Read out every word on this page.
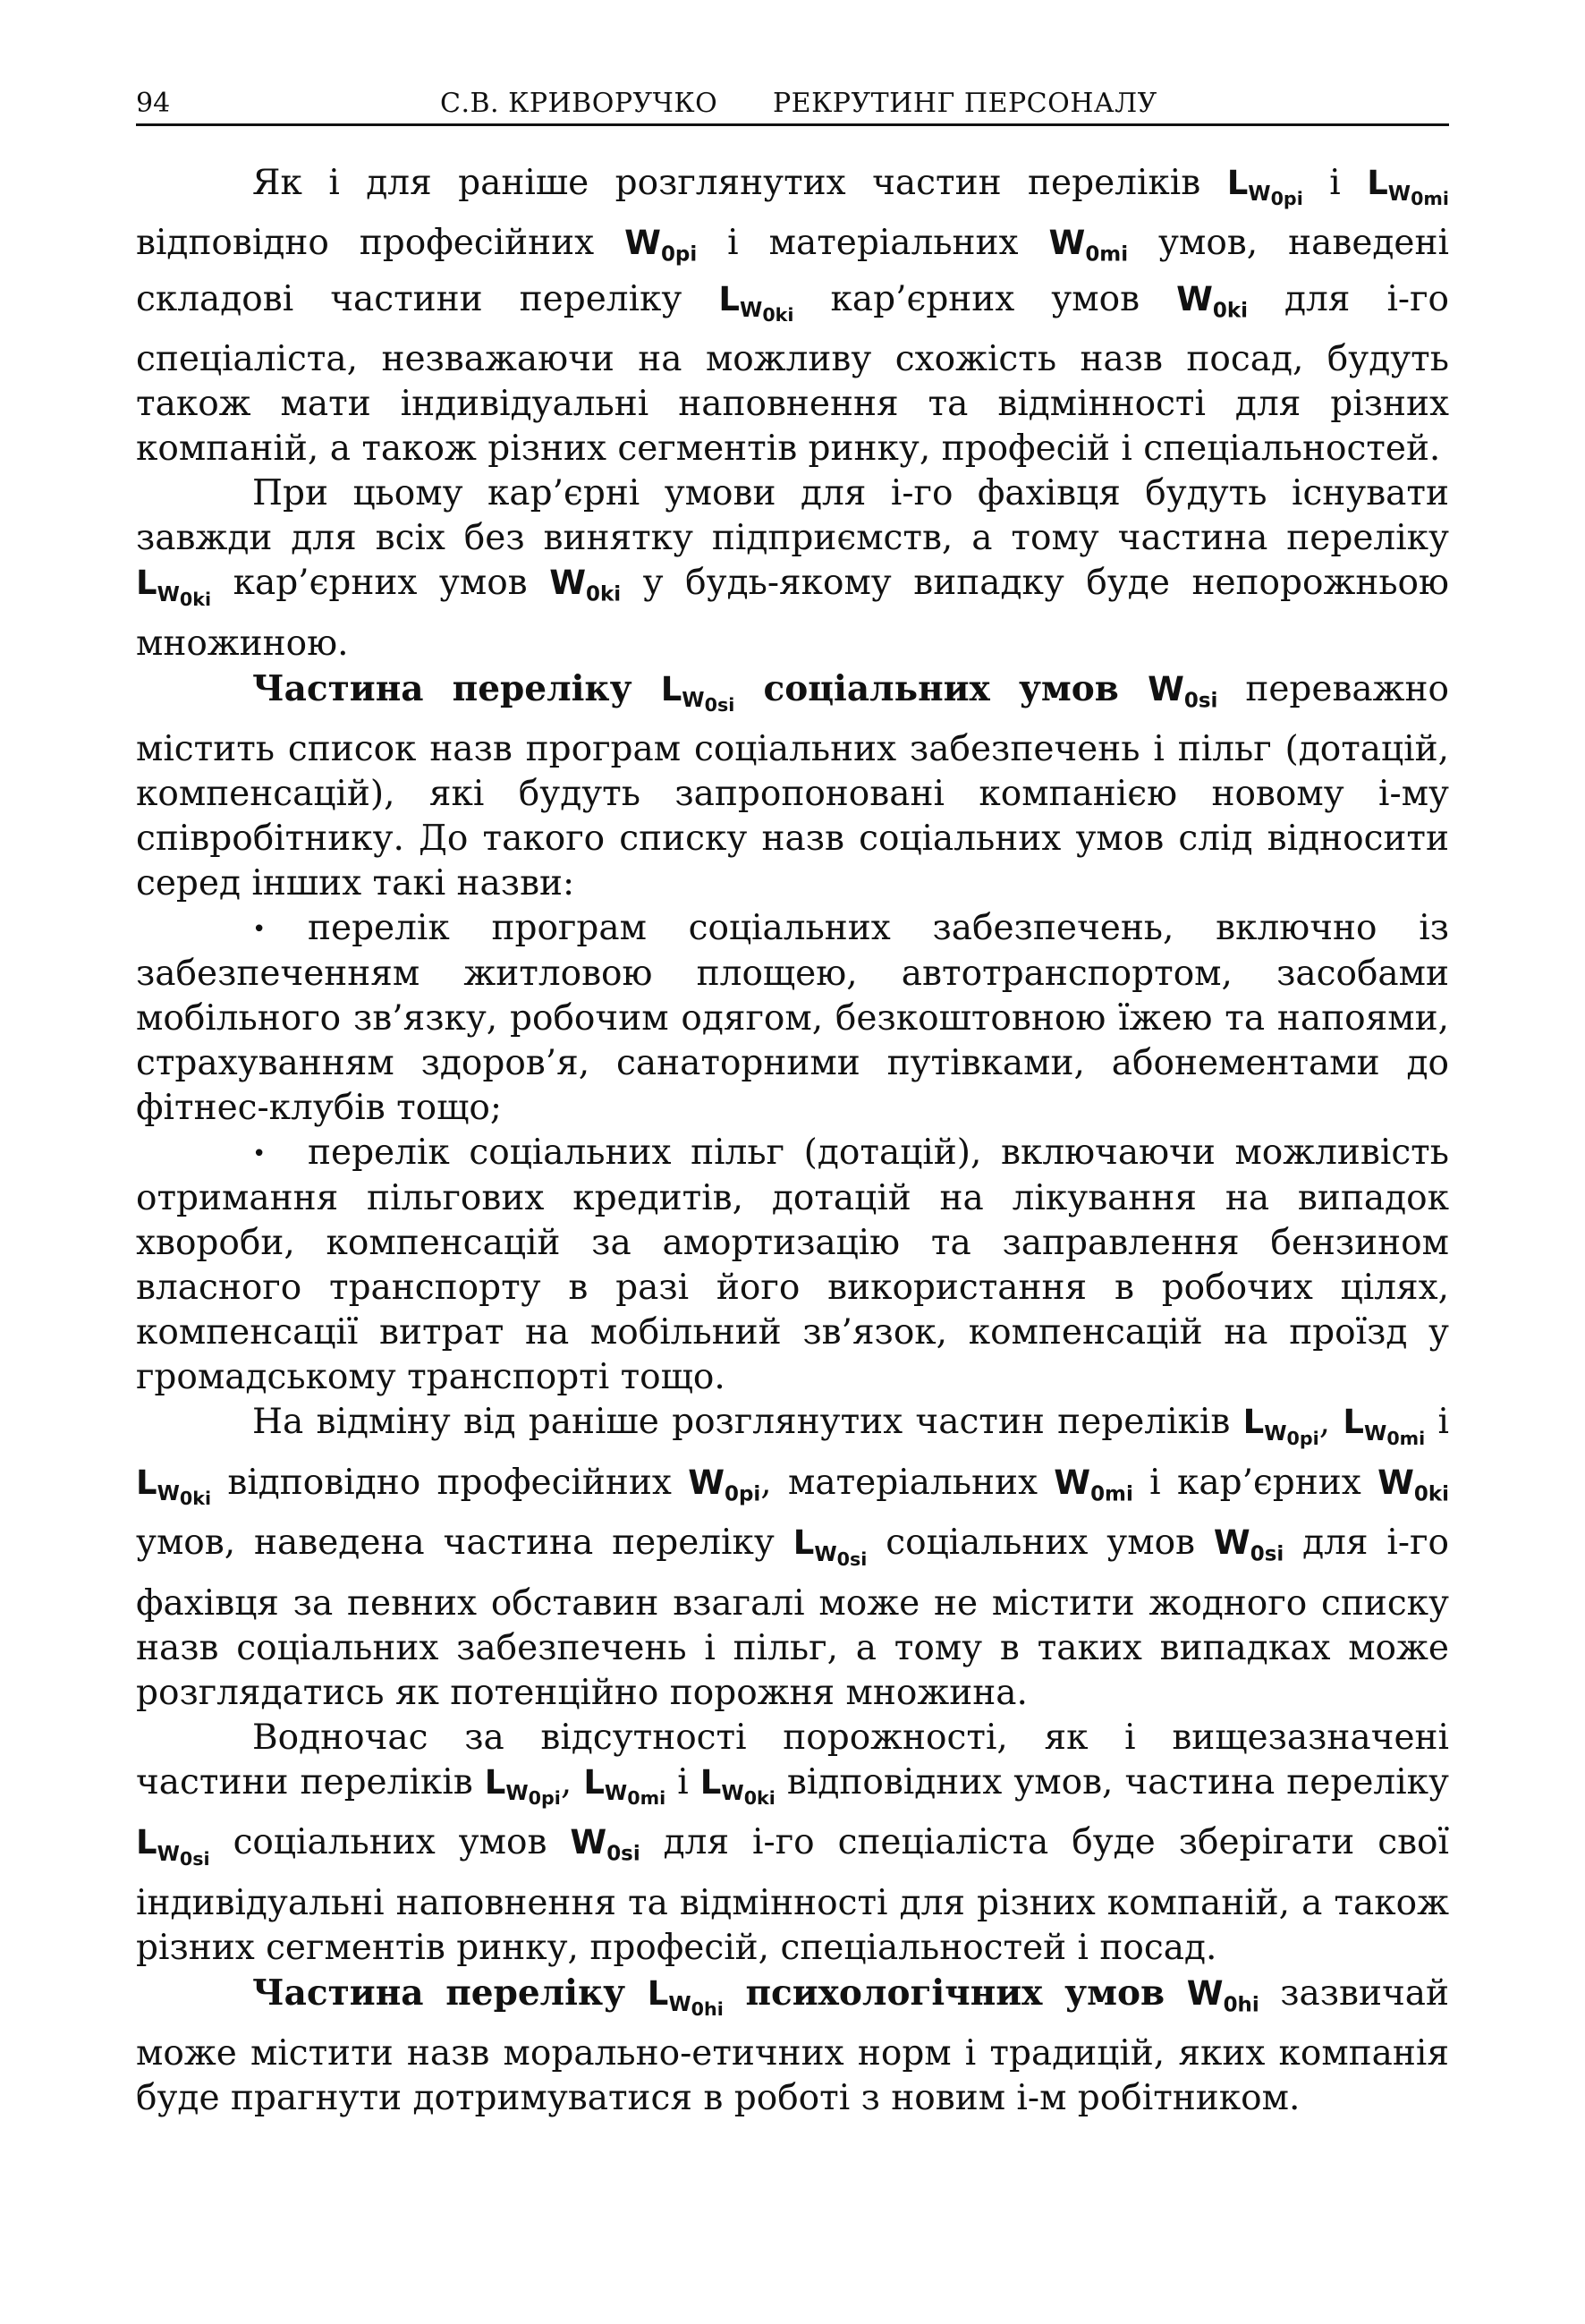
94	С.В. КРИВОРУЧКО РЕКРУТИНГ ПЕРСОНАЛУ

Як і для раніше розглянутих частин переліків $L_{W_{0pi}}$ і $L_{W_{0mi}}$ відповідно професійних $W_{0pi}$ і матеріальних $W_{0mi}$ умов, наведені складові частини переліку $L_{W_{0ki}}$ кар’єрних умов $W_{0ki}$ для і-го спеціаліста, незважаючи на можливу схожість назв посад, будуть також мати індивідуальні наповнення та відмінності для різних компаній, а також різних сегментів ринку, професій і спеціальностей.

При цьому кар’єрні умови для і-го фахівця будуть існувати завжди для всіх без винятку підприємств, а тому частина переліку $L_{W_{0ki}}$ кар’єрних умов $W_{0ki}$ у будь-якому випадку буде непорожньою множиною.

Частина переліку $L_{W_{0si}}$ соціальних умов $W_{0si}$ переважно містить список назв програм соціальних забезпечень і пільг (дотацій, компенсацій), які будуть запропоновані компанією новому і-му співробітнику. До такого списку назв соціальних умов слід відносити серед інших такі назви:

• перелік програм соціальних забезпечень, включно із забезпеченням житловою площею, автотранспортом, засобами мобільного зв’язку, робочим одягом, безкоштовною їжею та напоями, страхуванням здоров’я, санаторними путівками, абонементами до фітнес-клубів тощо;

• перелік соціальних пільг (дотацій), включаючи можливість отримання пільгових кредитів, дотацій на лікування на випадок хвороби, компенсацій за амортизацію та заправлення бензином власного транспорту в разі його використання в робочих цілях, компенсації витрат на мобільний зв’язок, компенсацій на проїзд у громадському транспорті тощо.

На відміну від раніше розглянутих частин переліків $L_{W_{0pi}}$, $L_{W_{0mi}}$ і $L_{W_{0ki}}$ відповідно професійних $W_{0pi}$, матеріальних $W_{0mi}$ і кар’єрних $W_{0ki}$ умов, наведена частина переліку $L_{W_{0si}}$ соціальних умов $W_{0si}$ для і-го фахівця за певних обставин взагалі може не містити жодного списку назв соціальних забезпечень і пільг, а тому в таких випадках може розглядатись як потенційно порожня множина.

Водночас за відсутності порожності, як і вищезазначені частини переліків $L_{W_{0pi}}$, $L_{W_{0mi}}$ і $L_{W_{0ki}}$ відповідних умов, частина переліку $L_{W_{0si}}$ соціальних умов $W_{0si}$ для і-го спеціаліста буде зберігати свої індивідуальні наповнення та відмінності для різних компаній, а також різних сегментів ринку, професій, спеціальностей і посад.

Частина переліку $L_{W_{0hi}}$ психологічних умов $W_{0hi}$ зазвичай може містити назв морально-етичних норм і традицій, яких компанія буде прагнути дотримуватися в роботі з новим і-м робітником.
